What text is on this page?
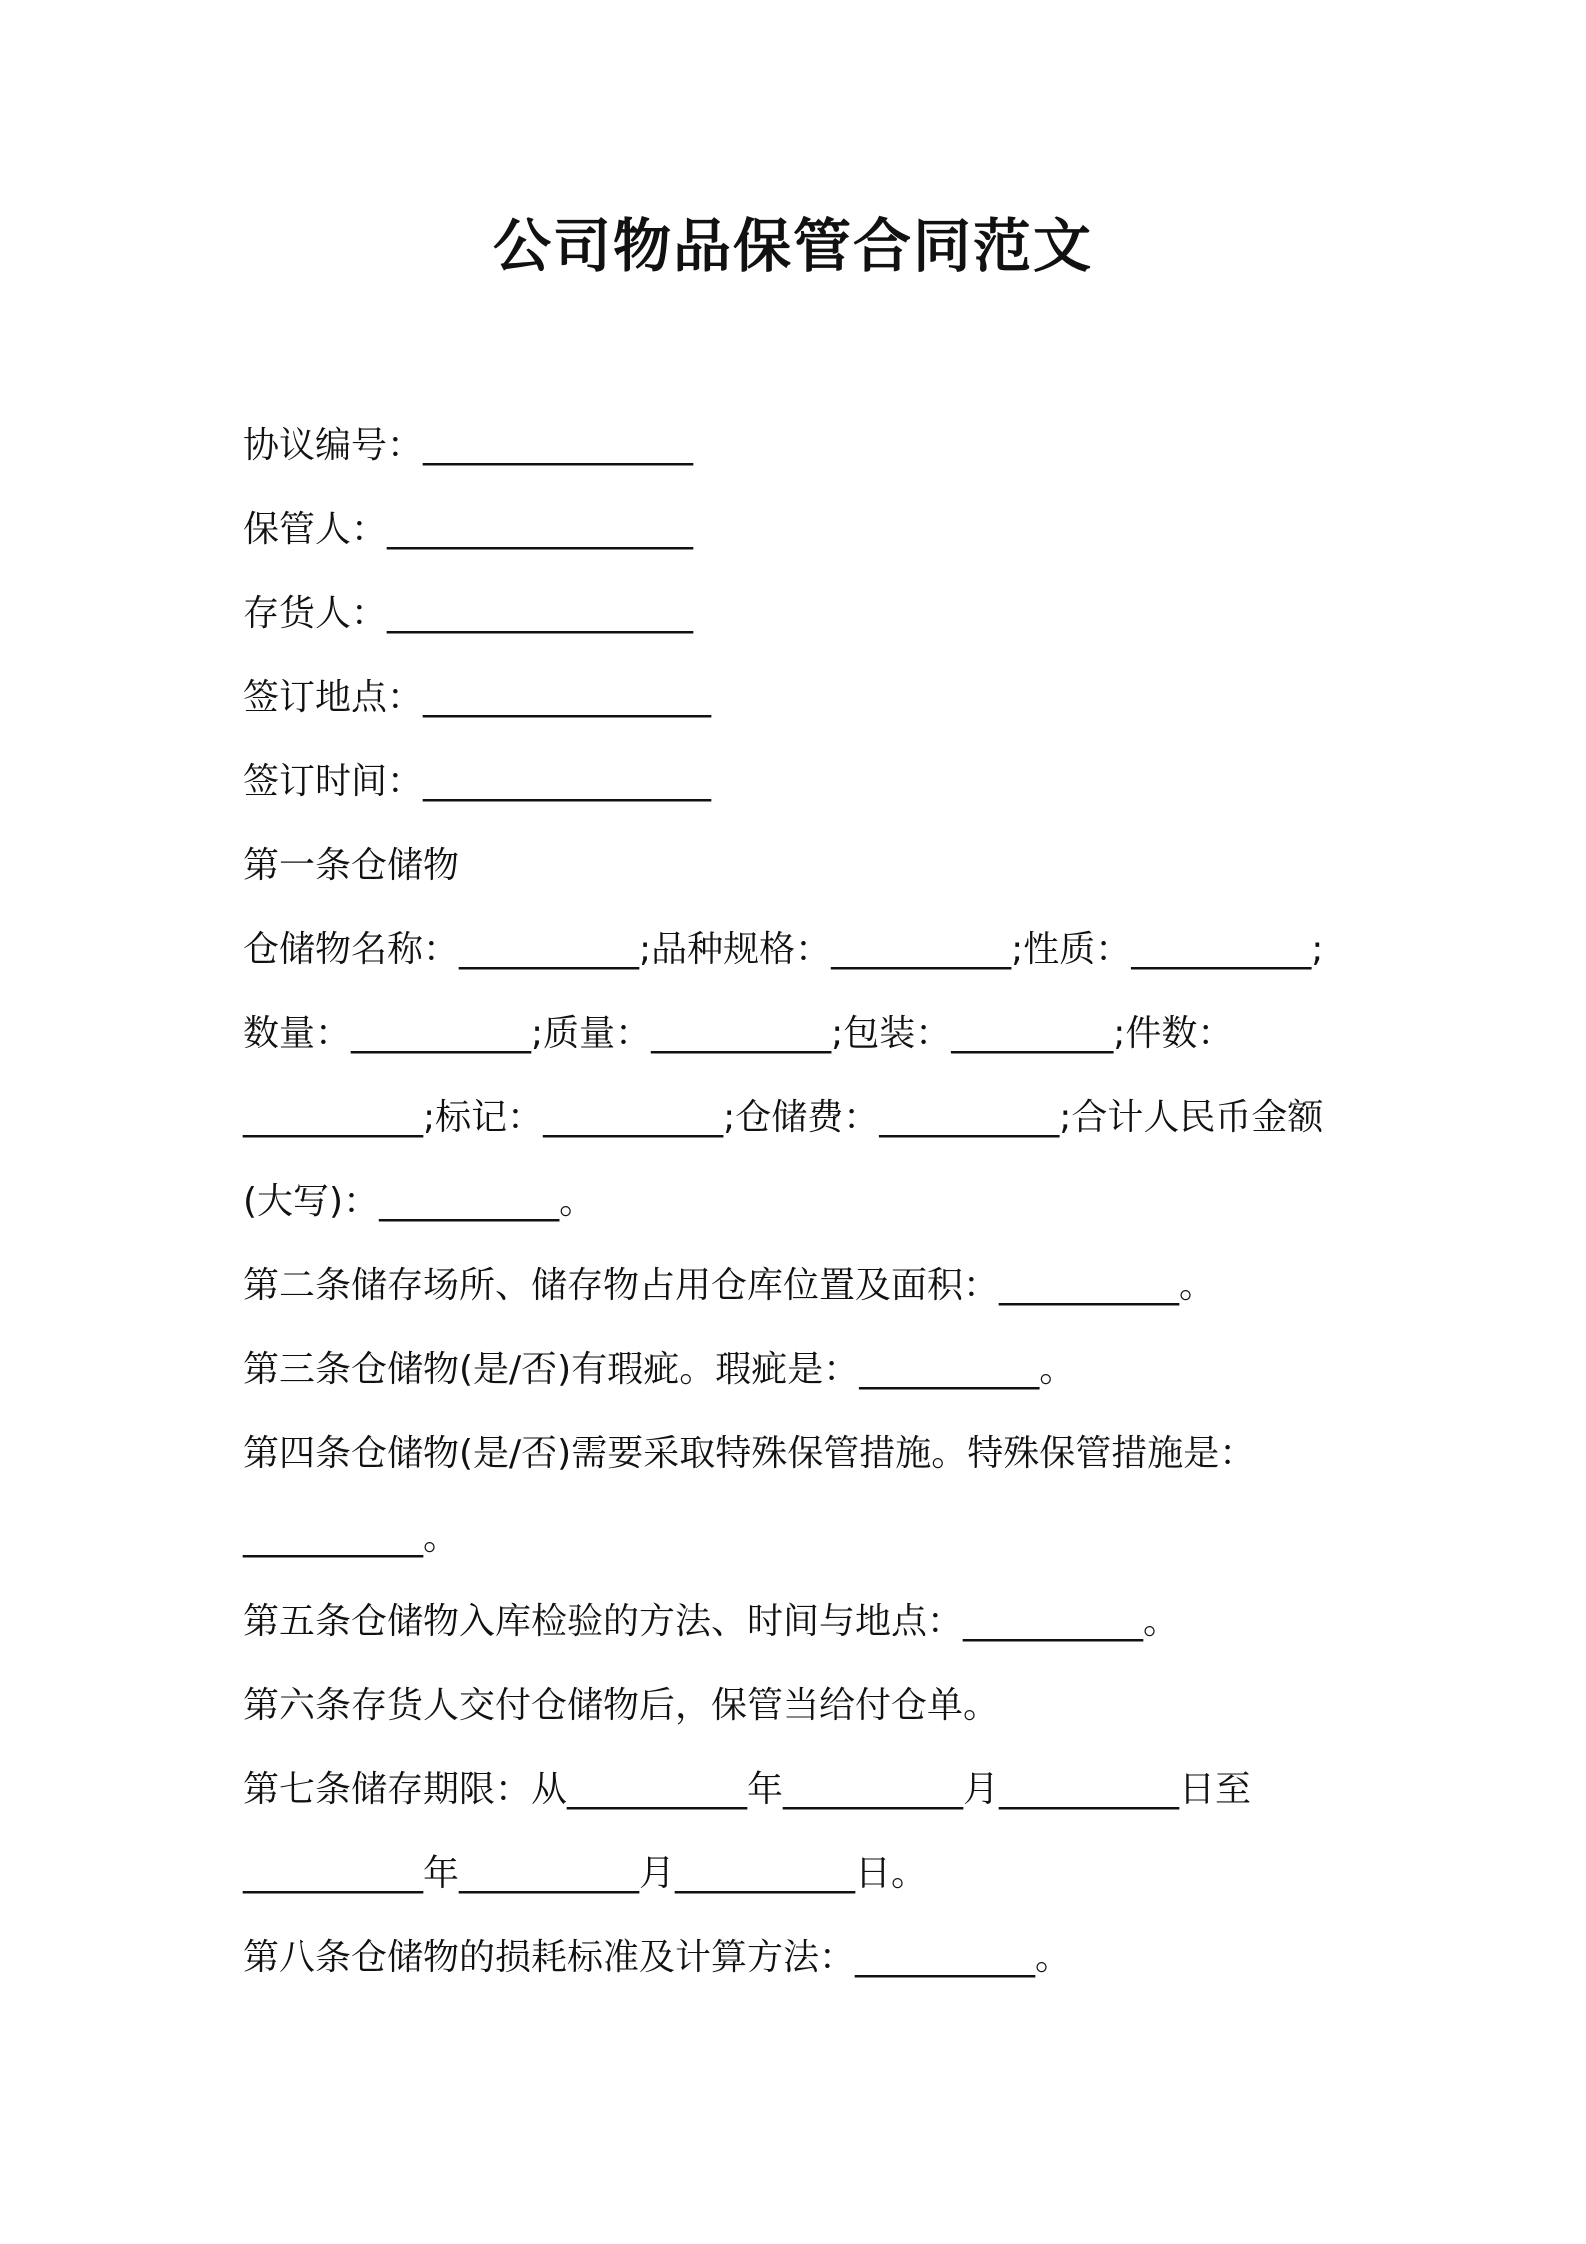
公司物品保管合同范文

协议编号：_______________

保管人：_________________

存货人：_________________

签订地点：________________

签订时间：________________

第一条仓储物

仓储物名称：__________;品种规格：__________;性质：__________;

数量：__________;质量：__________;包装：_________;件数：

__________;标记：__________;仓储费：__________;合计人民币金额

(大写)：__________。

第二条储存场所、储存物占用仓库位置及面积：__________。

第三条仓储物(是/否)有瑕疵。瑕疵是：__________。

第四条仓储物(是/否)需要采取特殊保管措施。特殊保管措施是：

__________。

第五条仓储物入库检验的方法、时间与地点：__________。

第六条存货人交付仓储物后，保管当给付仓单。

第七条储存期限：从__________年__________月__________日至

__________年__________月__________日。

第八条仓储物的损耗标准及计算方法：__________。
